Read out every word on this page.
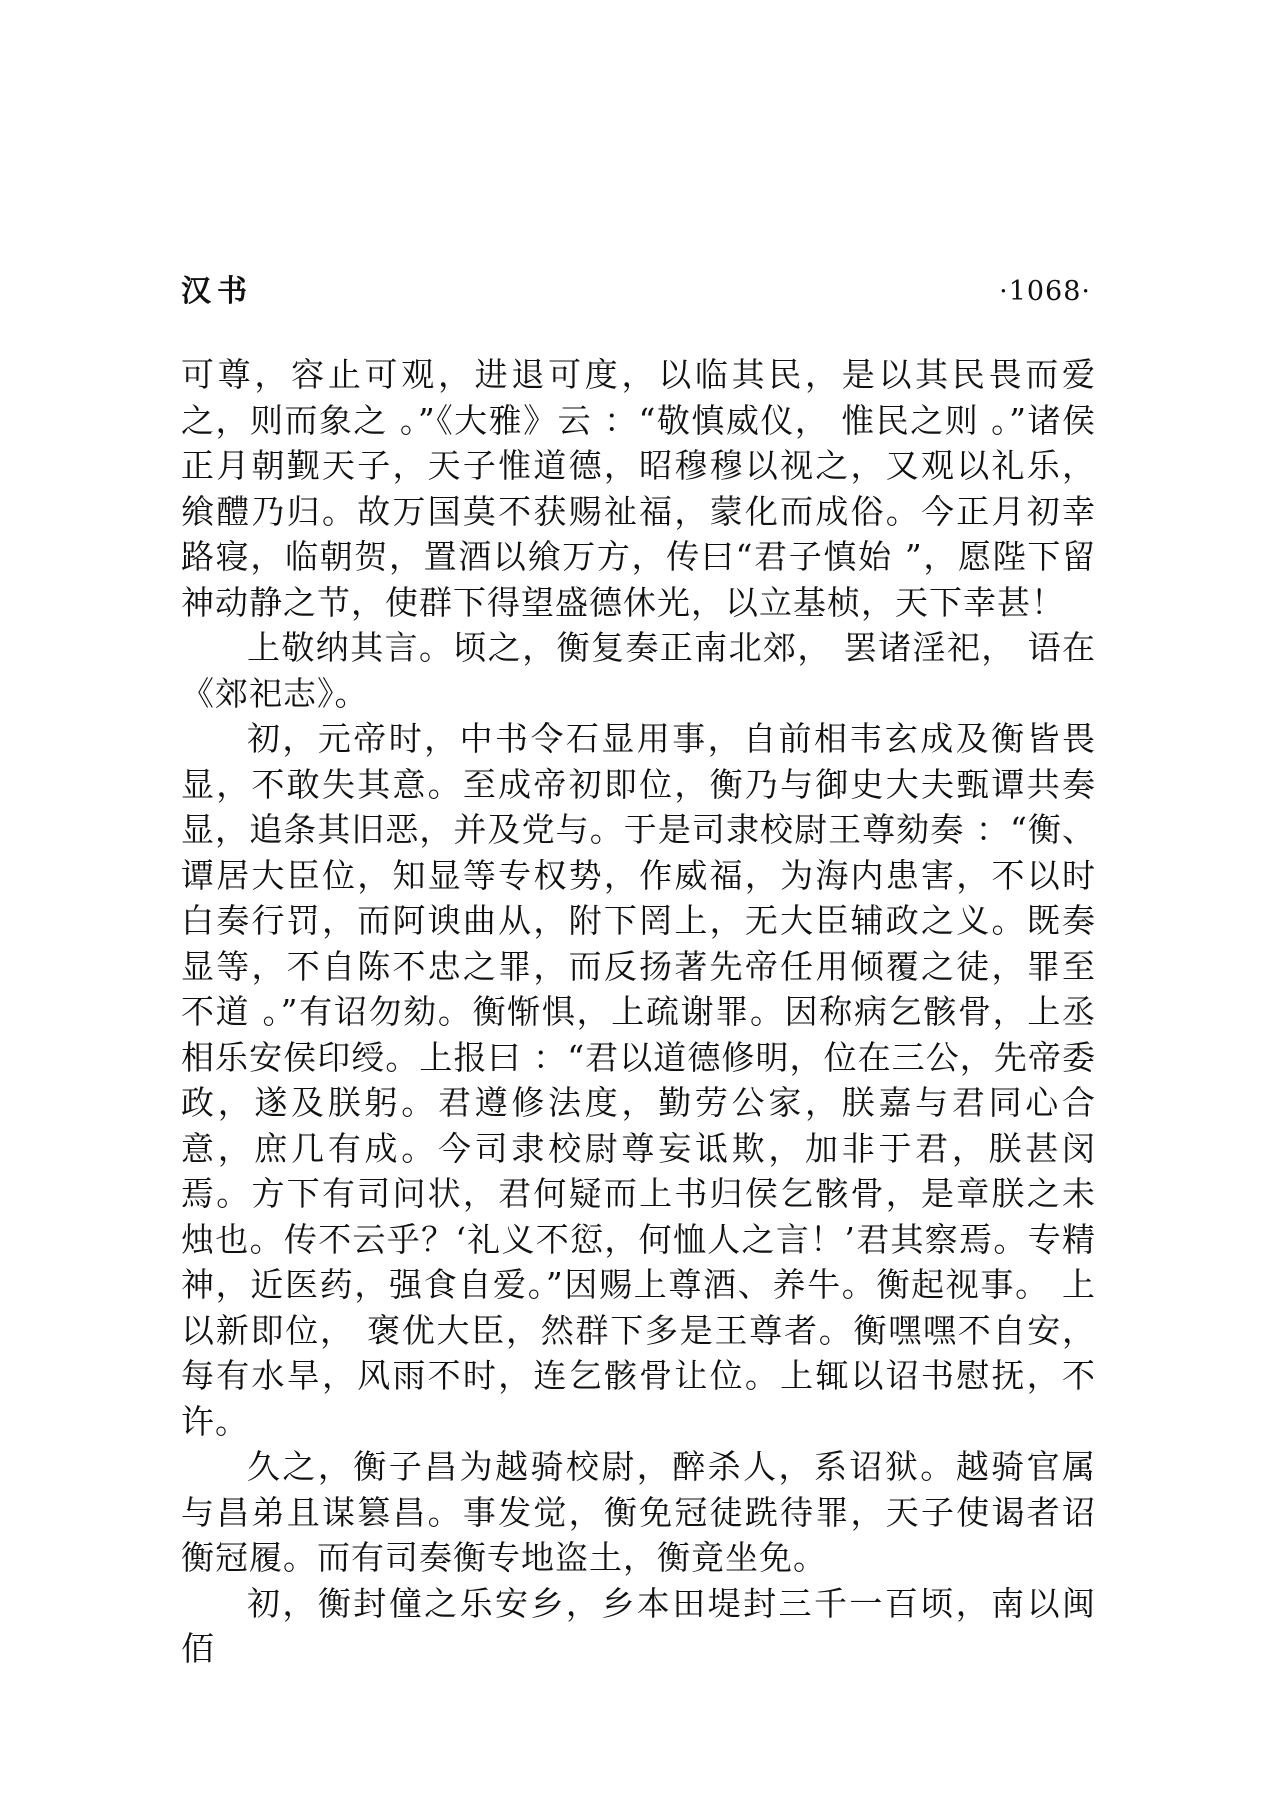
汉书	·1068·

可尊，容止可观，进退可度，以临其民，是以其民畏而爱之，则而象之 。”《大雅》云 ：“敬慎威仪， 惟民之则 。”诸侯正月朝觐天子，天子惟道德，昭穆穆以视之，又观以礼乐，飨醴乃归。故万国莫不获赐祉福，蒙化而成俗。今正月初幸路寝，临朝贺，置酒以飨万方，传曰“君子慎始 ”，愿陛下留神动静之节，使群下得望盛德休光，以立基桢，天下幸甚！

上敬纳其言。顷之，衡复奏正南北郊， 罢诸淫祀， 语在《郊祀志》。

初，元帝时，中书令石显用事，自前相韦玄成及衡皆畏显，不敢失其意。至成帝初即位，衡乃与御史大夫甄谭共奏显，追条其旧恶，并及党与。于是司隶校尉王尊劾奏 ：“衡、谭居大臣位，知显等专权势，作威福，为海内患害，不以时白奏行罚，而阿谀曲从，附下罔上，无大臣辅政之义。既奏显等，不自陈不忠之罪，而反扬著先帝任用倾覆之徒，罪至不道 。”有诏勿劾。衡惭惧，上疏谢罪。因称病乞骸骨，上丞相乐安侯印绶。上报曰 ：“君以道德修明，位在三公，先帝委政，遂及朕躬。君遵修法度，勤劳公家，朕嘉与君同心合意，庶几有成。今司隶校尉尊妄诋欺，加非于君，朕甚闵焉。方下有司问状，君何疑而上书归侯乞骸骨，是章朕之未烛也。传不云乎？‘礼义不愆，何恤人之言！’君其察焉。专精神，近医药，强食自爱。”因赐上尊酒、养牛。衡起视事。 上以新即位， 褒优大臣，然群下多是王尊者。衡嘿嘿不自安，每有水旱，风雨不时，连乞骸骨让位。上辄以诏书慰抚，不许。

久之，衡子昌为越骑校尉，醉杀人，系诏狱。越骑官属与昌弟且谋篡昌。事发觉，衡免冠徒跣待罪，天子使谒者诏衡冠履。而有司奏衡专地盗土，衡竟坐免。

初，衡封僮之乐安乡，乡本田堤封三千一百顷，南以闽佰
